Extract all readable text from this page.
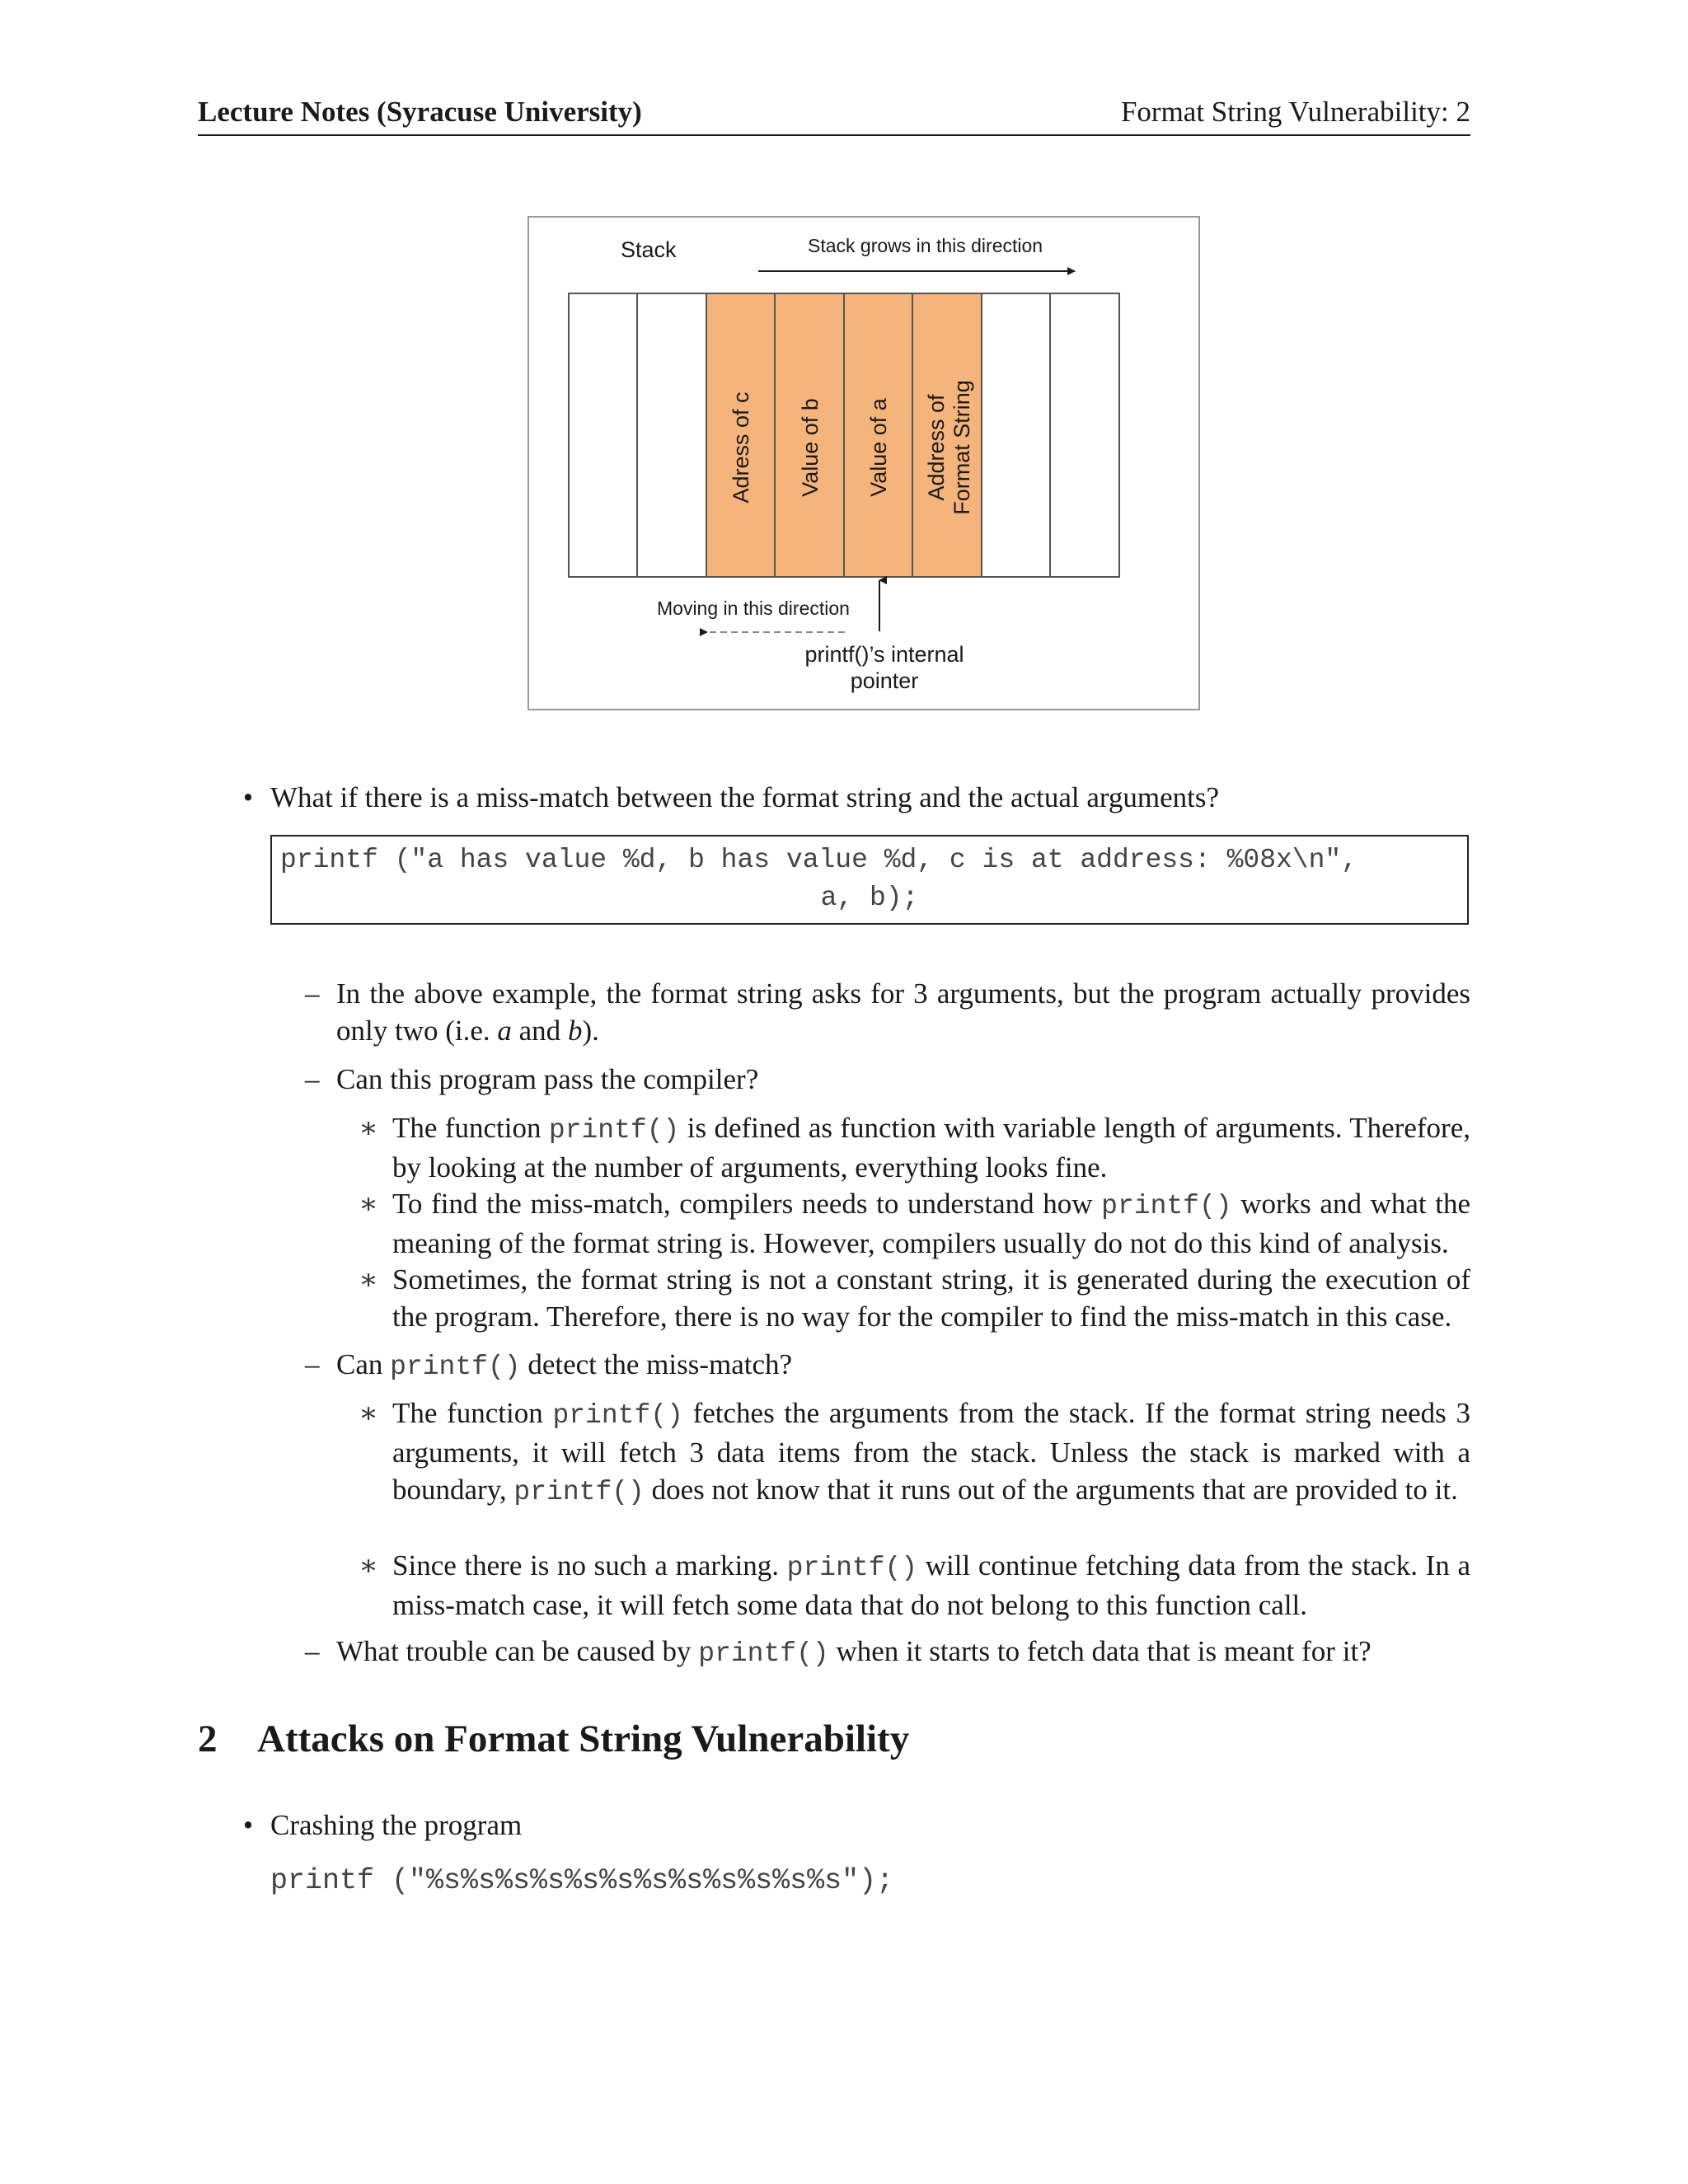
Lecture Notes (Syracuse University)	Format String Vulnerability: 2
Stack	Stack grows in this direction
Adress of c Value of b Value of a Address of Format String
Moving in this direction
printf()’s internal
pointer
• What if there is a miss-match between the format string and the actual arguments?
printf ("a has value %d, b has value %d, c is at address: %08x\n",
a, b);
– In the above example, the format string asks for 3 arguments, but the program actually provides only two (i.e. a and b).
– Can this program pass the compiler?
∗ The function printf() is defined as function with variable length of arguments. Therefore, by looking at the number of arguments, everything looks fine.
∗ To find the miss-match, compilers needs to understand how printf() works and what the meaning of the format string is. However, compilers usually do not do this kind of analysis.
∗ Sometimes, the format string is not a constant string, it is generated during the execution of the program. Therefore, there is no way for the compiler to find the miss-match in this case.
– Can printf() detect the miss-match?
∗ The function printf() fetches the arguments from the stack. If the format string needs 3 arguments, it will fetch 3 data items from the stack. Unless the stack is marked with a boundary, printf() does not know that it runs out of the arguments that are provided to it.
∗ Since there is no such a marking. printf() will continue fetching data from the stack. In a miss-match case, it will fetch some data that do not belong to this function call.
– What trouble can be caused by printf() when it starts to fetch data that is meant for it?
2 Attacks on Format String Vulnerability
• Crashing the program
printf ("%s%s%s%s%s%s%s%s%s%s%s%s");
